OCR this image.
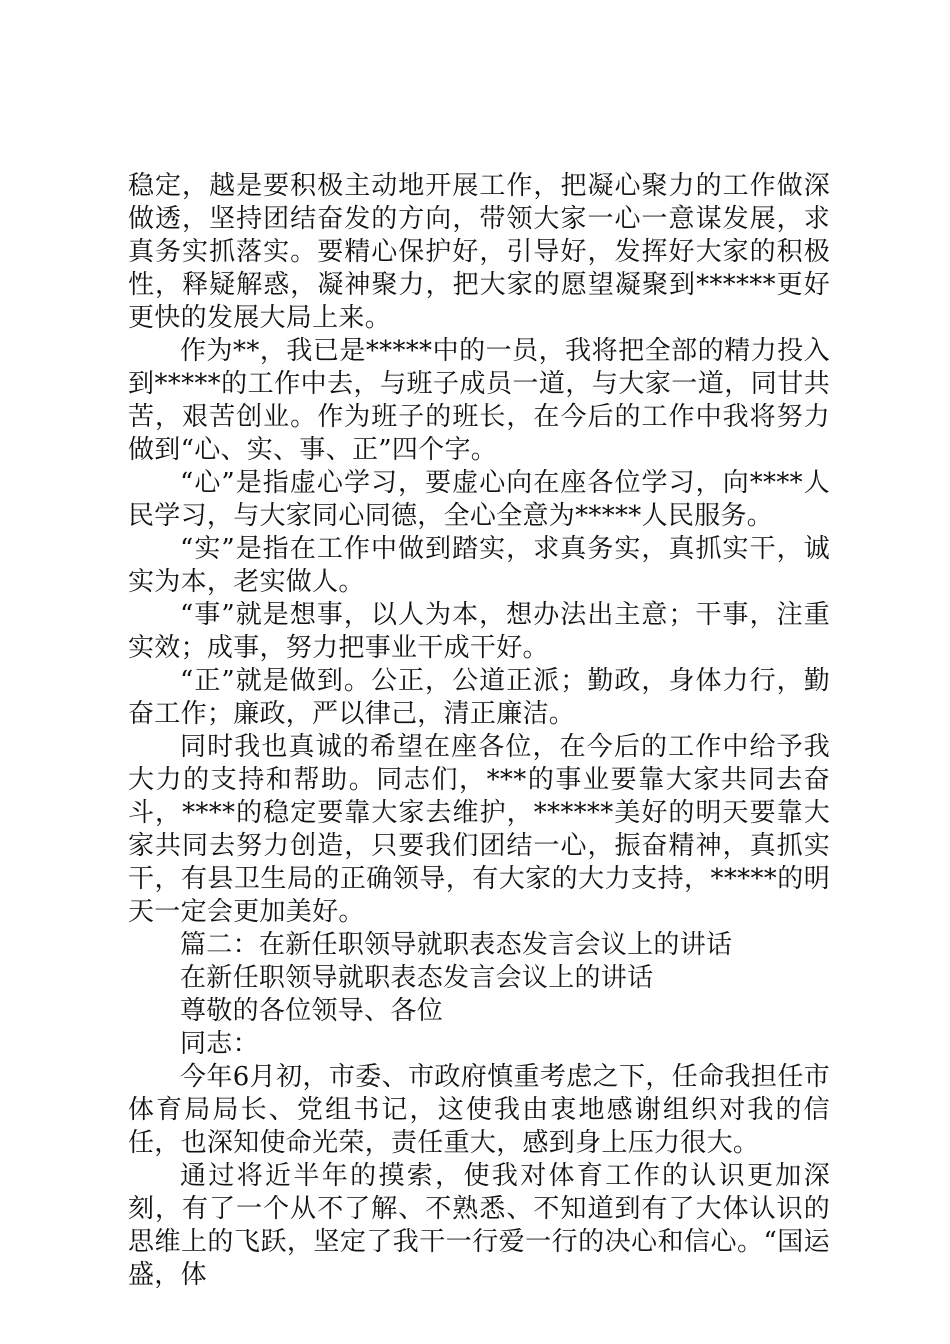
稳定，越是要积极主动地开展工作，把凝心聚力的工作做深做透，坚持团结奋发的方向，带领大家一心一意谋发展，求真务实抓落实。要精心保护好，引导好，发挥好大家的积极性，释疑解惑，凝神聚力，把大家的愿望凝聚到******更好更快的发展大局上来。

作为**，我已是*****中的一员，我将把全部的精力投入到*****的工作中去，与班子成员一道，与大家一道，同甘共苦，艰苦创业。作为班子的班长，在今后的工作中我将努力做到“心、实、事、正”四个字。

“心”是指虚心学习，要虚心向在座各位学习，向****人民学习，与大家同心同德，全心全意为*****人民服务。

“实”是指在工作中做到踏实，求真务实，真抓实干，诚实为本，老实做人。

“事”就是想事，以人为本，想办法出主意；干事，注重实效；成事，努力把事业干成干好。

“正”就是做到。公正，公道正派；勤政，身体力行，勤奋工作；廉政，严以律己，清正廉洁。

同时我也真诚的希望在座各位，在今后的工作中给予我大力的支持和帮助。同志们，***的事业要靠大家共同去奋斗，****的稳定要靠大家去维护，******美好的明天要靠大家共同去努力创造，只要我们团结一心，振奋精神，真抓实干，有县卫生局的正确领导，有大家的大力支持，*****的明天一定会更加美好。

篇二：在新任职领导就职表态发言会议上的讲话

在新任职领导就职表态发言会议上的讲话

尊敬的各位领导、各位

同志：

今年6月初，市委、市政府慎重考虑之下，任命我担任市体育局局长、党组书记，这使我由衷地感谢组织对我的信任，也深知使命光荣，责任重大，感到身上压力很大。

通过将近半年的摸索，使我对体育工作的认识更加深刻，有了一个从不了解、不熟悉、不知道到有了大体认识的思维上的飞跃，坚定了我干一行爱一行的决心和信心。“国运盛，体
